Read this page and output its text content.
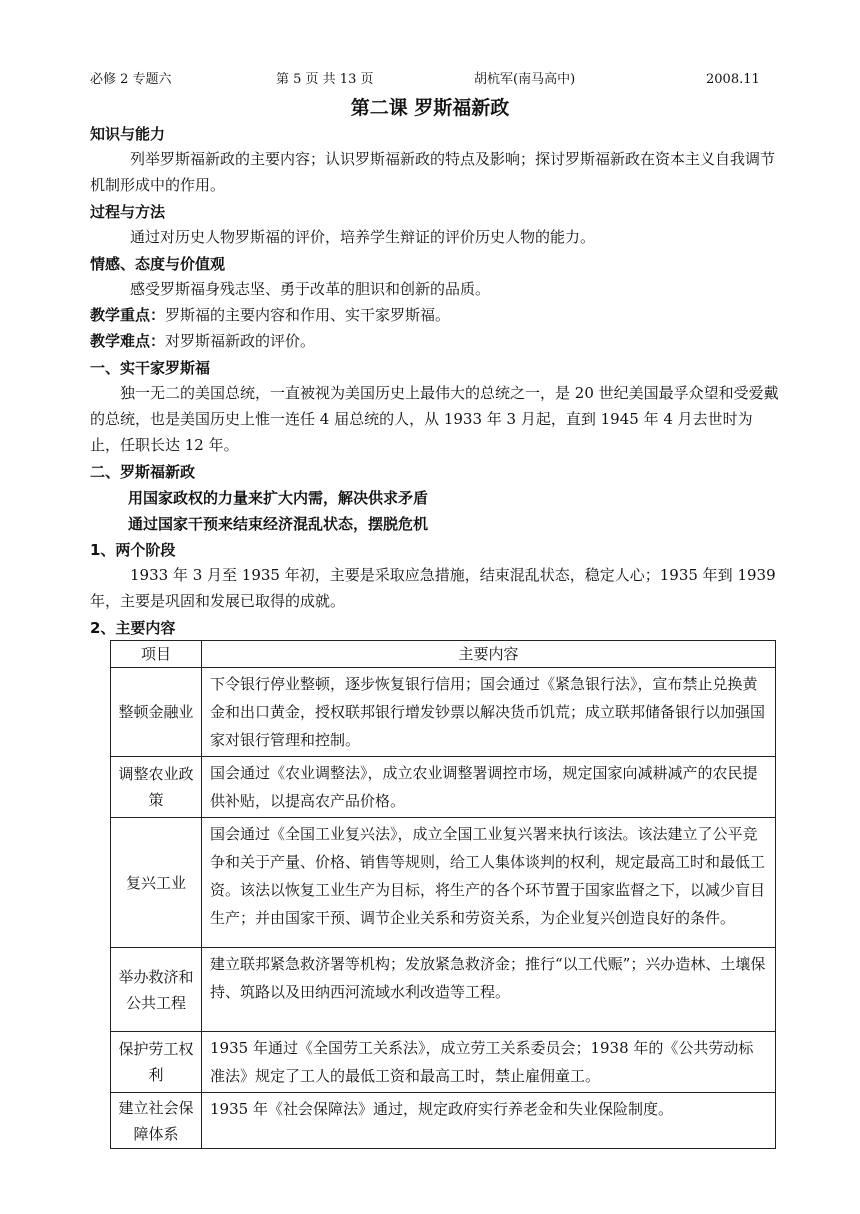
必修 2 专题六	第 5 页 共 13 页	胡杭军(南马高中)	2008.11
第二课 罗斯福新政
知识与能力
列举罗斯福新政的主要内容；认识罗斯福新政的特点及影响；探讨罗斯福新政在资本主义自我调节机制形成中的作用。
过程与方法
通过对历史人物罗斯福的评价，培养学生辩证的评价历史人物的能力。
情感、态度与价值观
感受罗斯福身残志坚、勇于改革的胆识和创新的品质。
教学重点：罗斯福的主要内容和作用、实干家罗斯福。
教学难点：对罗斯福新政的评价。
一、实干家罗斯福
独一无二的美国总统，一直被视为美国历史上最伟大的总统之一，是 20 世纪美国最孚众望和受爱戴的总统，也是美国历史上惟一连任 4 届总统的人，从 1933 年 3 月起，直到 1945 年 4 月去世时为止，任职长达 12 年。
二、罗斯福新政
用国家政权的力量来扩大内需，解决供求矛盾
通过国家干预来结束经济混乱状态，摆脱危机
1、两个阶段
1933 年 3 月至 1935 年初，主要是采取应急措施，结束混乱状态，稳定人心；1935 年到 1939 年，主要是巩固和发展已取得的成就。
2、主要内容
项目	主要内容
整顿金融业	下令银行停业整顿，逐步恢复银行信用；国会通过《紧急银行法》，宣布禁止兑换黄金和出口黄金，授权联邦银行增发钞票以解决货币饥荒；成立联邦储备银行以加强国家对银行管理和控制。
调整农业政策	国会通过《农业调整法》，成立农业调整署调控市场，规定国家向减耕减产的农民提供补贴，以提高农产品价格。
复兴工业	国会通过《全国工业复兴法》，成立全国工业复兴署来执行该法。该法建立了公平竞争和关于产量、价格、销售等规则，给工人集体谈判的权利，规定最高工时和最低工资。该法以恢复工业生产为目标，将生产的各个环节置于国家监督之下，以减少盲目生产；并由国家干预、调节企业关系和劳资关系，为企业复兴创造良好的条件。
举办救济和公共工程	建立联邦紧急救济署等机构；发放紧急救济金；推行“以工代赈”；兴办造林、土壤保持、筑路以及田纳西河流域水利改造等工程。
保护劳工权利	1935 年通过《全国劳工关系法》，成立劳工关系委员会；1938 年的《公共劳动标准法》规定了工人的最低工资和最高工时，禁止雇佣童工。
建立社会保障体系	1935 年《社会保障法》通过，规定政府实行养老金和失业保险制度。
